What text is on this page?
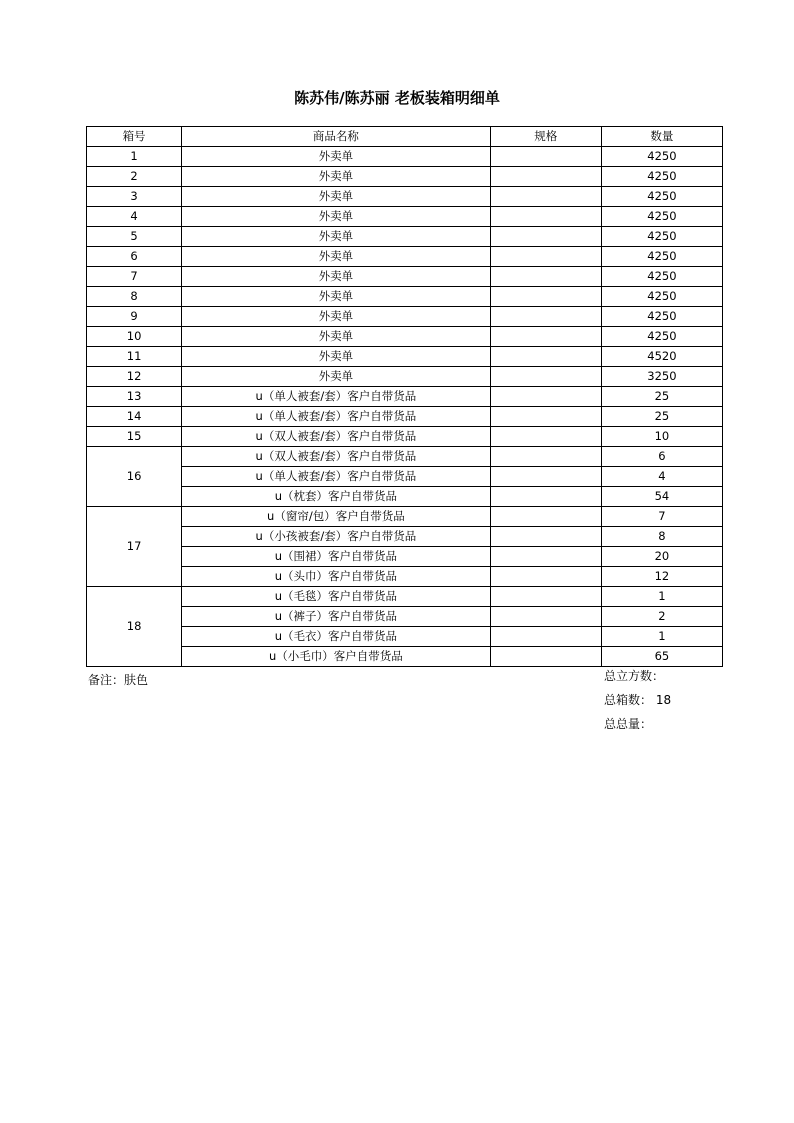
陈苏伟/陈苏丽 老板装箱明细单
箱号	商品名称	规格	数量
1	外卖单		4250
2	外卖单		4250
3	外卖单		4250
4	外卖单		4250
5	外卖单		4250
6	外卖单		4250
7	外卖单		4250
8	外卖单		4250
9	外卖单		4250
10	外卖单		4250
11	外卖单		4520
12	外卖单		3250
13	u（单人被套/套）客户自带货品		25
14	u（单人被套/套）客户自带货品		25
15	u（双人被套/套）客户自带货品		10
16	u（双人被套/套）客户自带货品		6
	u（单人被套/套）客户自带货品		4
	u（枕套）客户自带货品		54
17	u（窗帘/包）客户自带货品		7
	u（小孩被套/套）客户自带货品		8
	u（围裙）客户自带货品		20
	u（头巾）客户自带货品		12
18	u（毛毯）客户自带货品		1
	u（裤子）客户自带货品		2
	u（毛衣）客户自带货品		1
	u（小毛巾）客户自带货品		65
备注：肤色	总立方数：
总箱数： 18
总总量：
